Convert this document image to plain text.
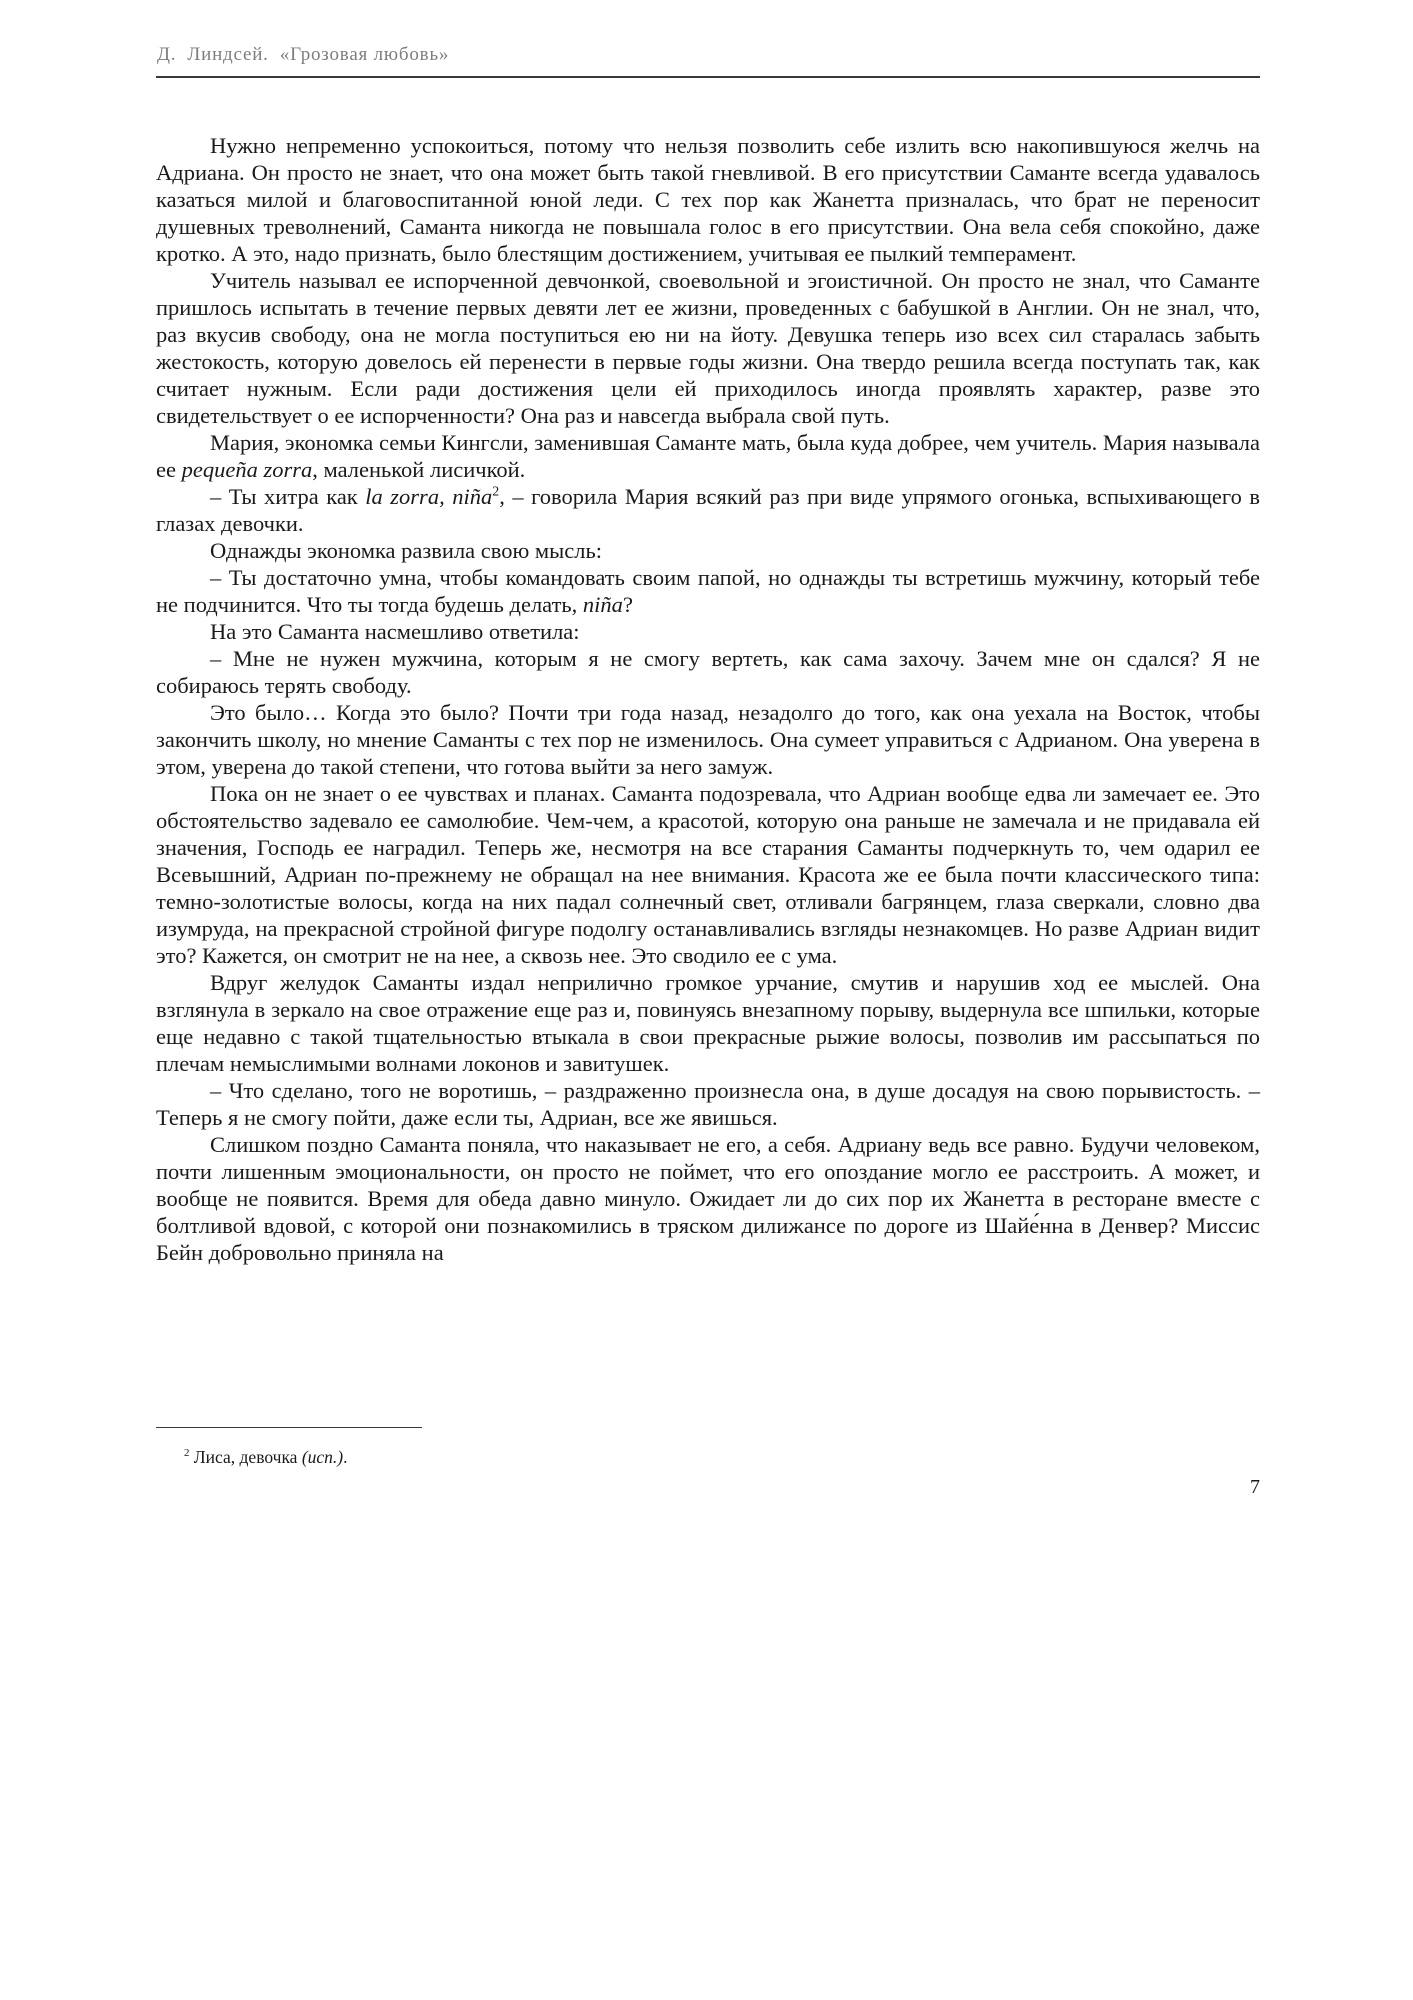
Д.  Линдсей.  «Грозовая любовь»

Нужно непременно успокоиться, потому что нельзя позволить себе излить всю накопившуюся желчь на Адриана. Он просто не знает, что она может быть такой гневливой. В его присутствии Саманте всегда удавалось казаться милой и благовоспитанной юной леди. С тех пор как Жанетта призналась, что брат не переносит душевных треволнений, Саманта никогда не повышала голос в его присутствии. Она вела себя спокойно, даже кротко. А это, надо признать, было блестящим достижением, учитывая ее пылкий темперамент.

Учитель называл ее испорченной девчонкой, своевольной и эгоистичной. Он просто не знал, что Саманте пришлось испытать в течение первых девяти лет ее жизни, проведенных с бабушкой в Англии. Он не знал, что, раз вкусив свободу, она не могла поступиться ею ни на йоту. Девушка теперь изо всех сил старалась забыть жестокость, которую довелось ей перенести в первые годы жизни. Она твердо решила всегда поступать так, как считает нужным. Если ради достижения цели ей приходилось иногда проявлять характер, разве это свидетельствует о ее испорченности? Она раз и навсегда выбрала свой путь.

Мария, экономка семьи Кингсли, заменившая Саманте мать, была куда добрее, чем учитель. Мария называла ее pequeña zorra, маленькой лисичкой.

– Ты хитра как la zorra, niña$^2$, – говорила Мария всякий раз при виде упрямого огонька, вспыхивающего в глазах девочки.

Однажды экономка развила свою мысль:

– Ты достаточно умна, чтобы командовать своим папой, но однажды ты встретишь мужчину, который тебе не подчинится. Что ты тогда будешь делать, niña?

На это Саманта насмешливо ответила:

– Мне не нужен мужчина, которым я не смогу вертеть, как сама захочу. Зачем мне он сдался? Я не собираюсь терять свободу.

Это было… Когда это было? Почти три года назад, незадолго до того, как она уехала на Восток, чтобы закончить школу, но мнение Саманты с тех пор не изменилось. Она сумеет управиться с Адрианом. Она уверена в этом, уверена до такой степени, что готова выйти за него замуж.

Пока он не знает о ее чувствах и планах. Саманта подозревала, что Адриан вообще едва ли замечает ее. Это обстоятельство задевало ее самолюбие. Чем-чем, а красотой, которую она раньше не замечала и не придавала ей значения, Господь ее наградил. Теперь же, несмотря на все старания Саманты подчеркнуть то, чем одарил ее Всевышний, Адриан по-прежнему не обращал на нее внимания. Красота же ее была почти классического типа: темно-золотистые волосы, когда на них падал солнечный свет, отливали багрянцем, глаза сверкали, словно два изумруда, на прекрасной стройной фигуре подолгу останавливались взгляды незнакомцев. Но разве Адриан видит это? Кажется, он смотрит не на нее, а сквозь нее. Это сводило ее с ума.

Вдруг желудок Саманты издал неприлично громкое урчание, смутив и нарушив ход ее мыслей. Она взглянула в зеркало на свое отражение еще раз и, повинуясь внезапному порыву, выдернула все шпильки, которые еще недавно с такой тщательностью втыкала в свои прекрасные рыжие волосы, позволив им рассыпаться по плечам немыслимыми волнами локонов и завитушек.

– Что сделано, того не воротишь, – раздраженно произнесла она, в душе досадуя на свою порывистость. – Теперь я не смогу пойти, даже если ты, Адриан, все же явишься.

Слишком поздно Саманта поняла, что наказывает не его, а себя. Адриану ведь все равно. Будучи человеком, почти лишенным эмоциональности, он просто не поймет, что его опоздание могло ее расстроить. А может, и вообще не появится. Время для обеда давно минуло. Ожидает ли до сих пор их Жанетта в ресторане вместе с болтливой вдовой, с которой они познакомились в тряском дилижансе по дороге из Шайе́нна в Денвер? Миссис Бейн добровольно приняла на

$^2$ Лиса, девочка (исп.).
7
